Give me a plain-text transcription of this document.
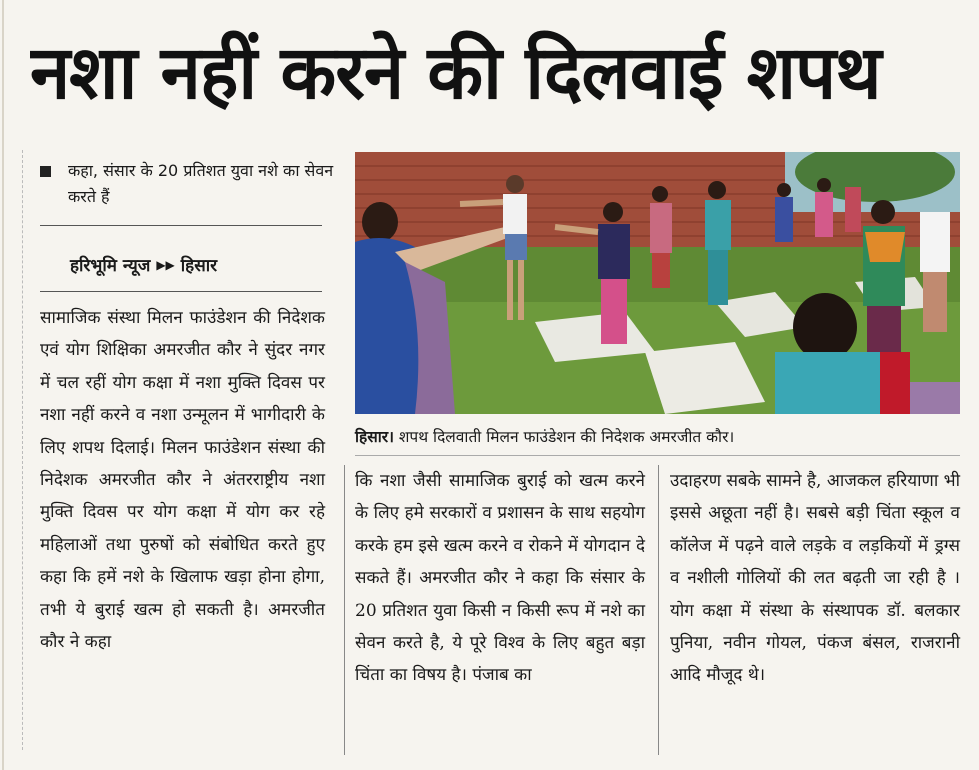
नशा नहीं करने की दिलवाई शपथ
कहा, संसार के 20 प्रतिशत युवा नशे का सेवन करते हैं
हरिभूमि न्यूज ▶▶ हिसार
सामाजिक संस्था मिलन फाउंडेशन की निदेशक एवं योग शिक्षिका अमरजीत कौर ने सुंदर नगर में चल रहीं योग कक्षा में नशा मुक्ति दिवस पर नशा नहीं करने व नशा उन्मूलन में भागीदारी के लिए शपथ दिलाई। मिलन फाउंडेशन संस्था की निदेशक अमरजीत कौर ने अंतरराष्ट्रीय नशा मुक्ति दिवस पर योग कक्षा में योग कर रहे महिलाओं तथा पुरुषों को संबोधित करते हुए कहा कि हमें नशे के खिलाफ खड़ा होना होगा, तभी ये बुराई खत्म हो सकती है। अमरजीत कौर ने कहा
हिसार। शपथ दिलवाती मिलन फाउंडेशन की निदेशक अमरजीत कौर।
कि नशा जैसी सामाजिक बुराई को खत्म करने के लिए हमे सरकारों व प्रशासन के साथ सहयोग करके हम इसे खत्म करने व रोकने में योगदान दे सकते हैं। अमरजीत कौर ने कहा कि संसार के 20 प्रतिशत युवा किसी न किसी रूप में नशे का सेवन करते है, ये पूरे विश्व के लिए बहुत बड़ा चिंता का विषय है। पंजाब का
उदाहरण सबके सामने है, आजकल हरियाणा भी इससे अछूता नहीं है। सबसे बड़ी चिंता स्कूल व कॉलेज में पढ़ने वाले लड़के व लड़कियों में ड्रग्स व नशीली गोलियों की लत बढ़ती जा रही है । योग कक्षा में संस्था के संस्थापक डॉ. बलकार पुनिया, नवीन गोयल, पंकज बंसल, राजरानी आदि मौजूद थे।
